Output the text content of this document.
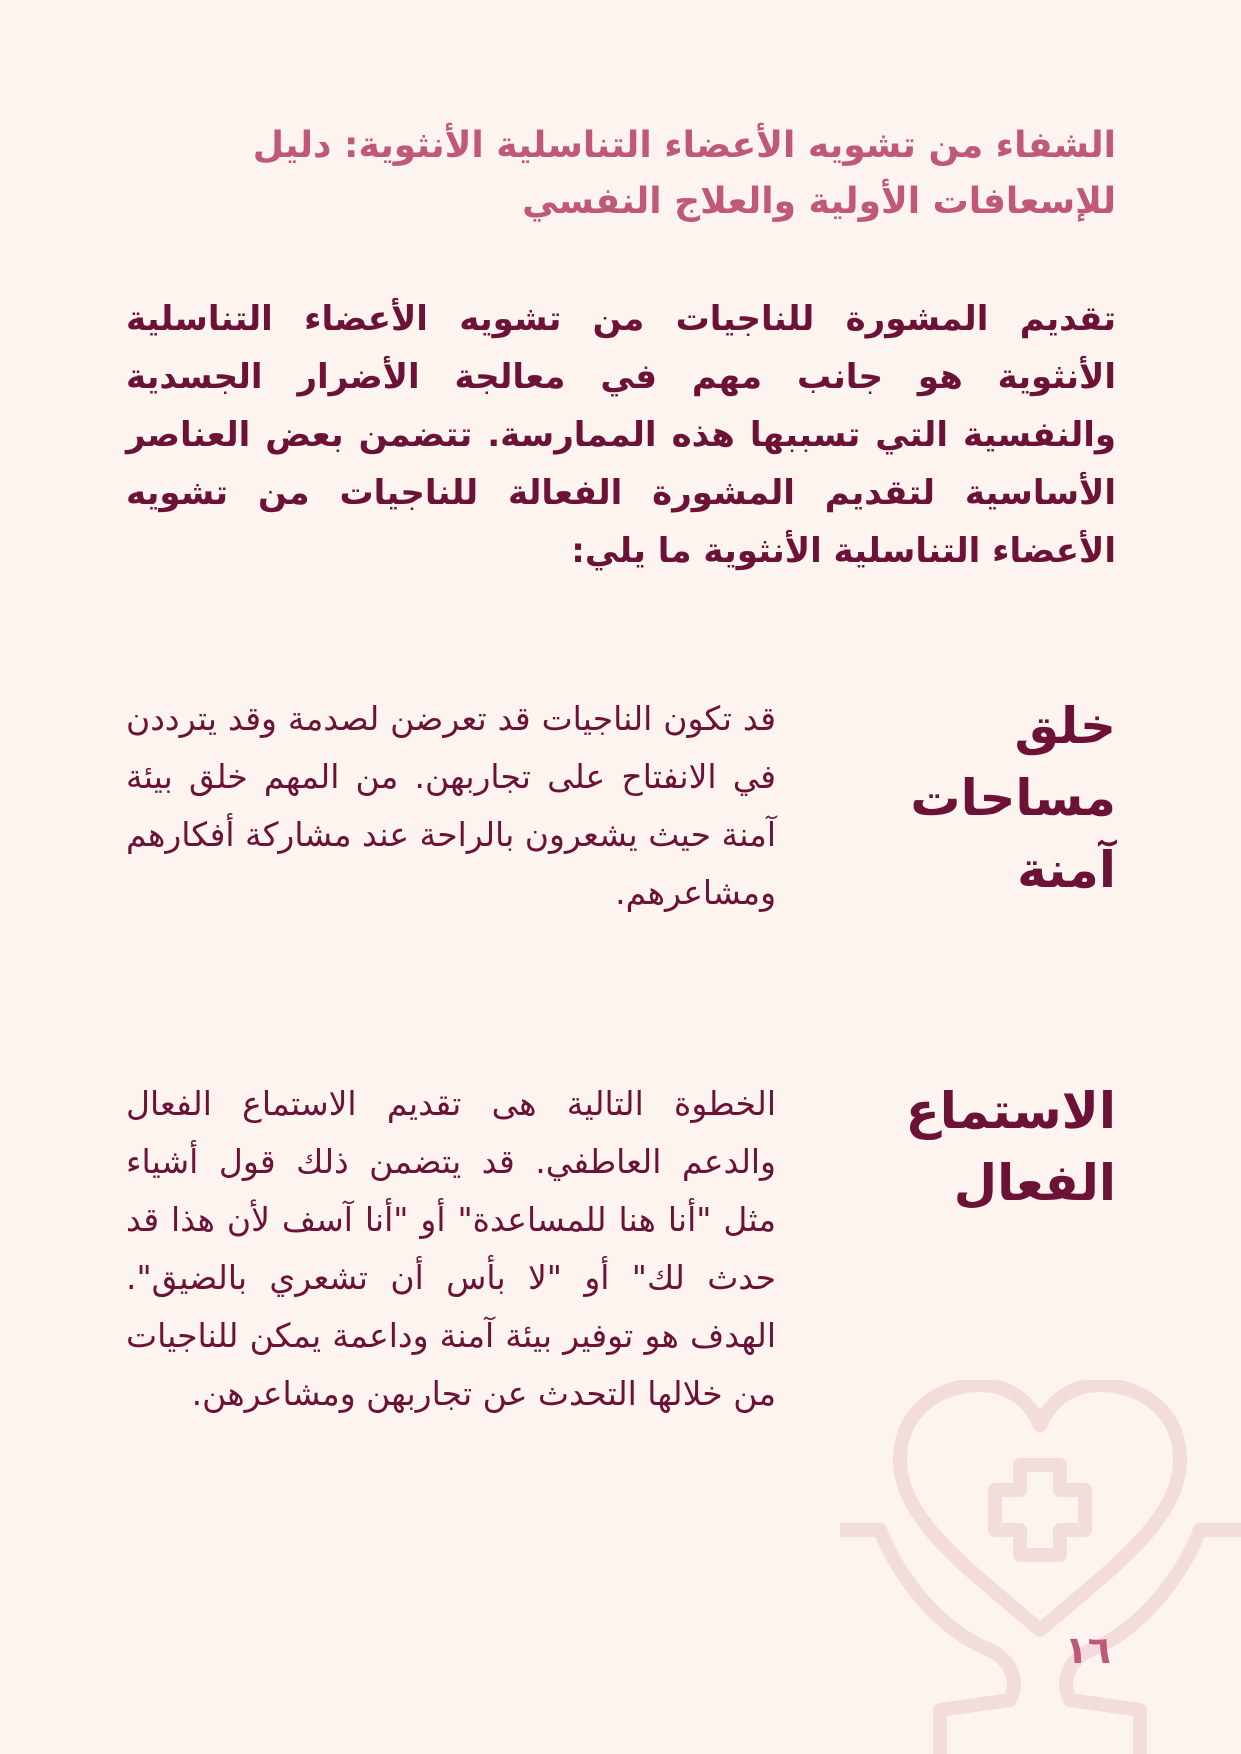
الشفاء من تشويه الأعضاء التناسلية الأنثوية: دليل للإسعافات الأولية والعلاج النفسي

تقديم المشورة للناجيات من تشويه الأعضاء التناسلية الأنثوية هو جانب مهم في معالجة الأضرار الجسدية والنفسية التي تسببها هذه الممارسة. تتضمن بعض العناصر الأساسية لتقديم المشورة الفعالة للناجيات من تشويه الأعضاء التناسلية الأنثوية ما يلي:

خلق مساحات آمنة

قد تكون الناجيات قد تعرضن لصدمة وقد يترددن في الانفتاح على تجاربهن. من المهم خلق بيئة آمنة حيث يشعرون بالراحة عند مشاركة أفكارهم ومشاعرهم.

الاستماع الفعال

الخطوة التالية هى تقديم الاستماع الفعال والدعم العاطفي. قد يتضمن ذلك قول أشياء مثل "أنا هنا للمساعدة" أو "أنا آسف لأن هذا قد حدث لك" أو "لا بأس أن تشعري بالضيق". الهدف هو توفير بيئة آمنة وداعمة يمكن للناجيات من خلالها التحدث عن تجاربهن ومشاعرهن.

١٦
